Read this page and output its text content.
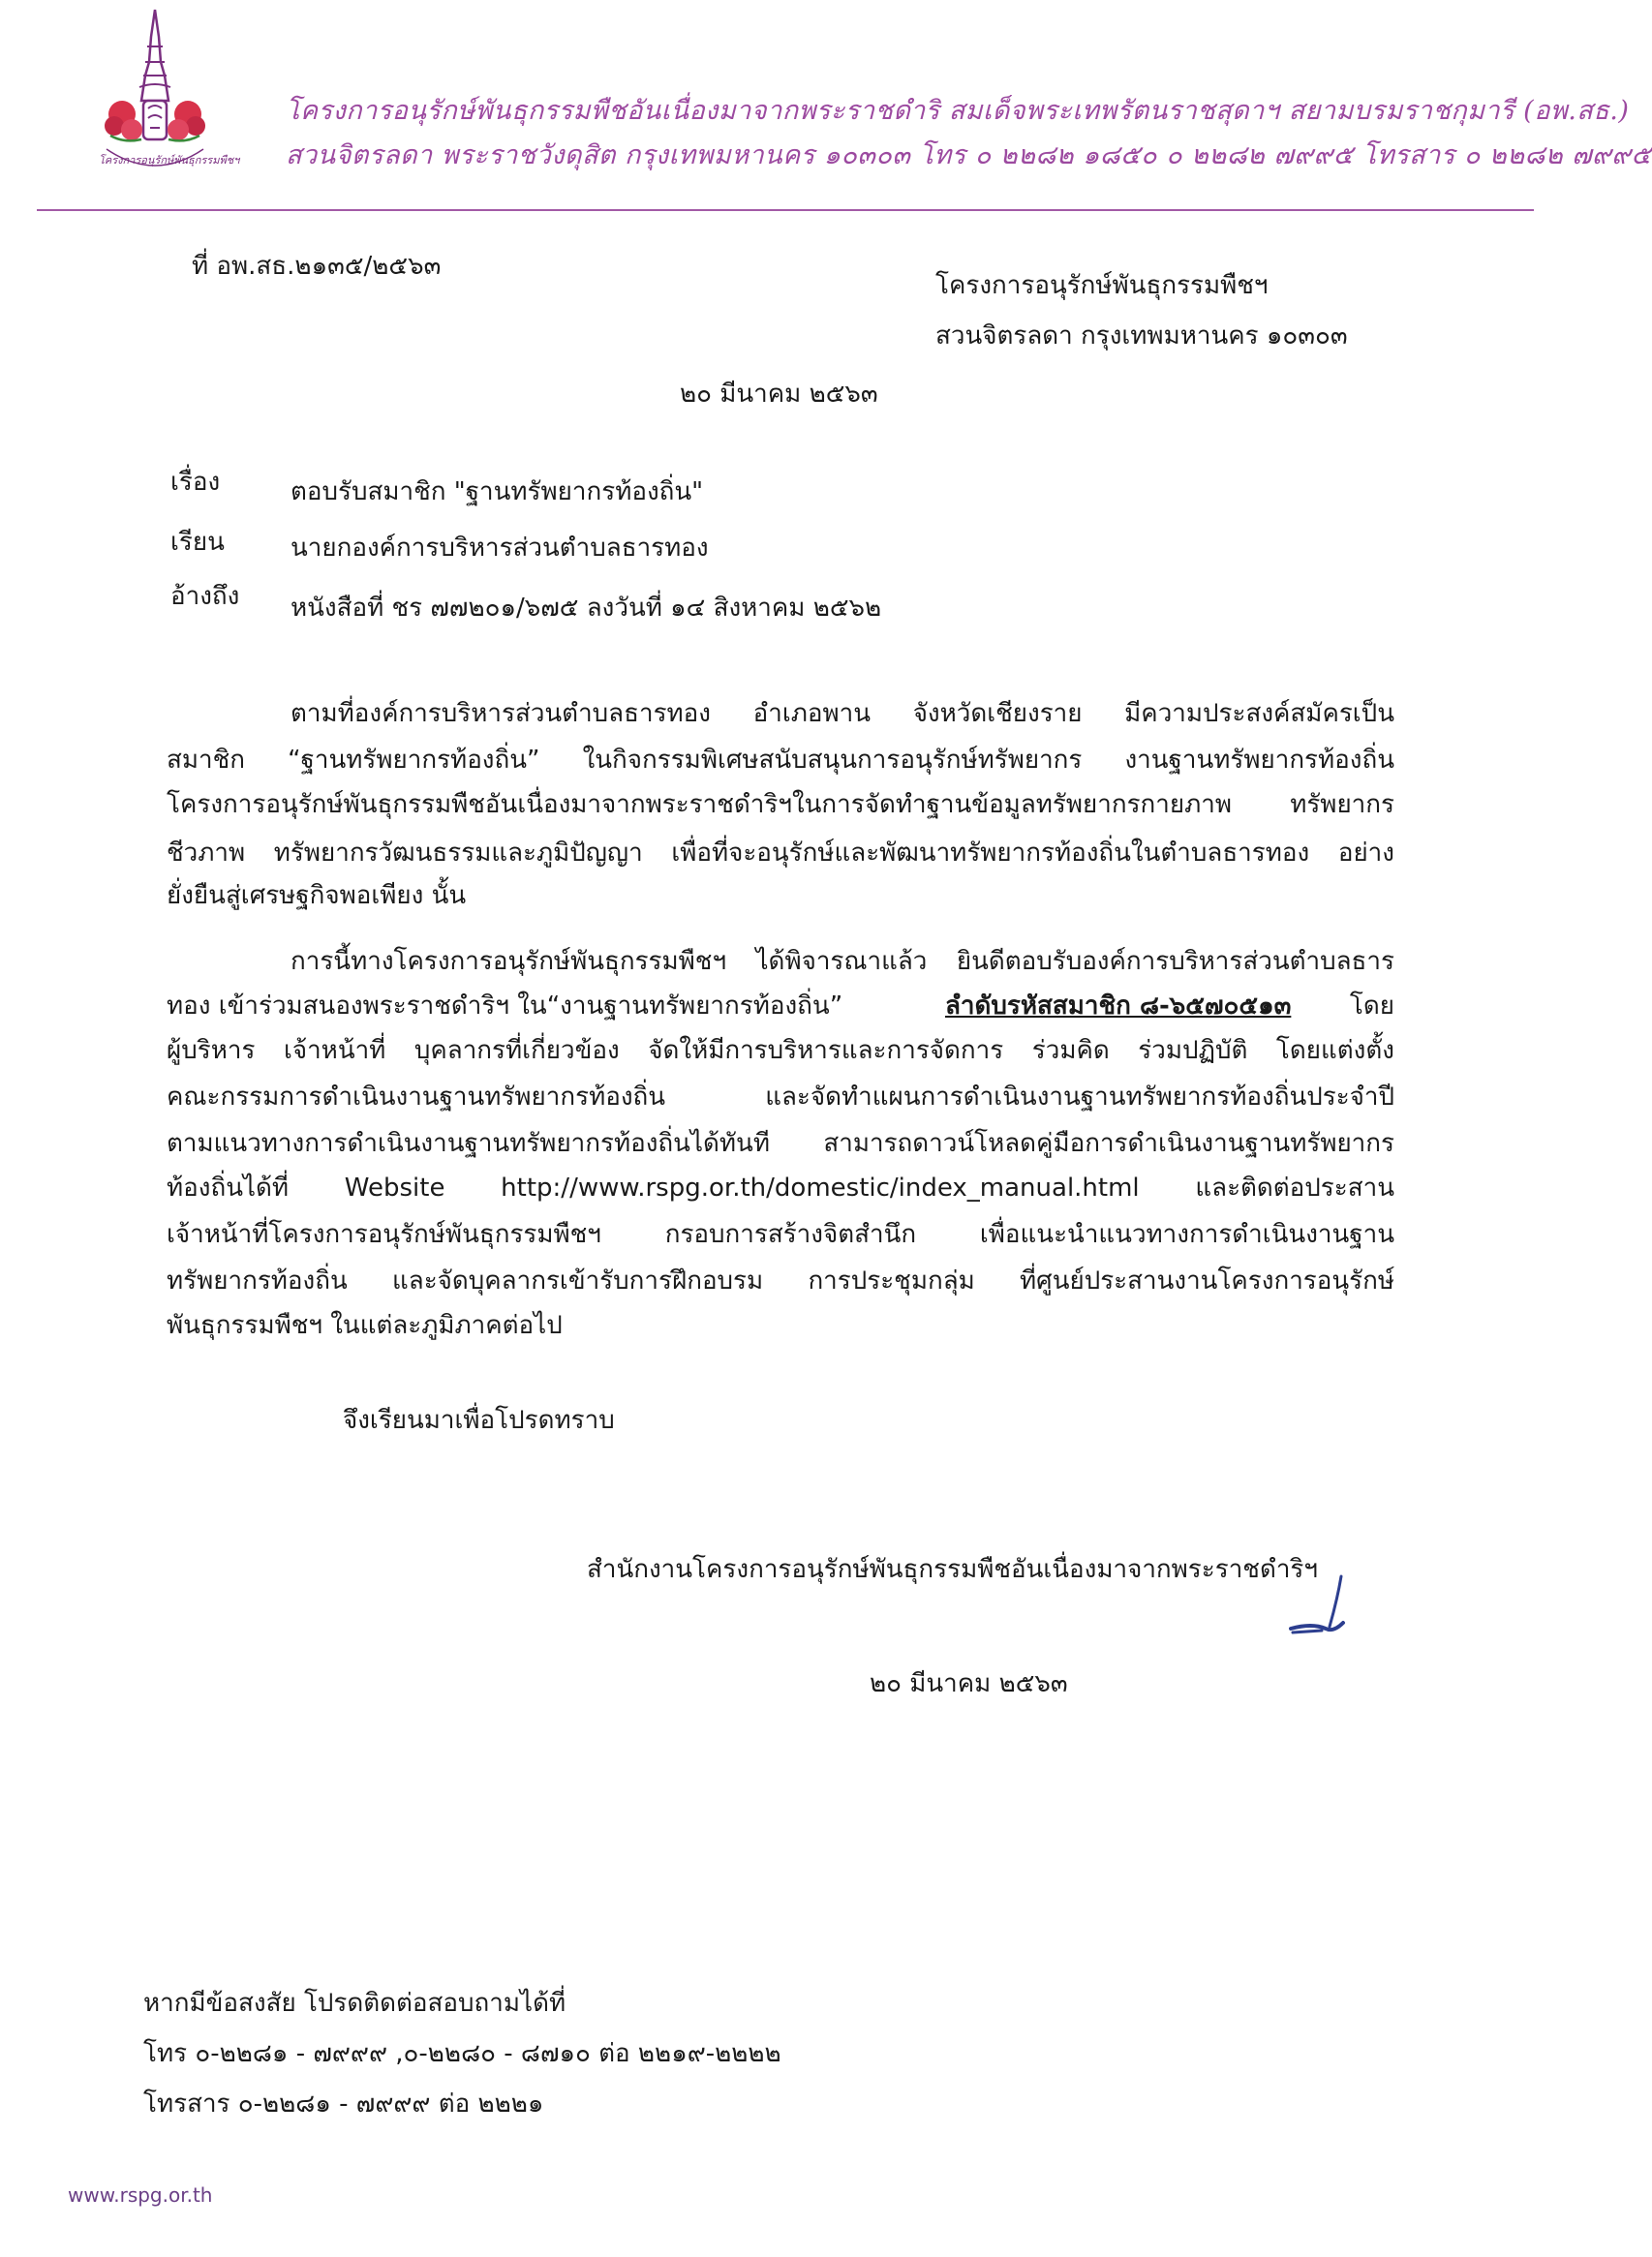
โครงการอนุรักษ์พันธุกรรมพืชฯ
โครงการอนุรักษ์พันธุกรรมพืชอันเนื่องมาจากพระราชดำริ สมเด็จพระเทพรัตนราชสุดาฯ สยามบรมราชกุมารี (อพ.สธ.)
สวนจิตรลดา พระราชวังดุสิต กรุงเทพมหานคร ๑๐๓๐๓ โทร ๐ ๒๒๘๒ ๑๘๕๐ ๐ ๒๒๘๒ ๗๙๙๕ โทรสาร ๐ ๒๒๘๒ ๗๙๙๕
ที่ อพ.สธ.๒๑๓๕/๒๕๖๓
โครงการอนุรักษ์พันธุกรรมพืชฯ
สวนจิตรลดา กรุงเทพมหานคร ๑๐๓๐๓
๒๐ มีนาคม ๒๕๖๓
เรื่อง	ตอบรับสมาชิก "ฐานทรัพยากรท้องถิ่น"
เรียน	นายกองค์การบริหารส่วนตำบลธารทอง
อ้างถึง หนังสือที่ ชร ๗๗๒๐๑/๖๗๕ ลงวันที่ ๑๔ สิงหาคม ๒๕๖๒
ตามที่องค์การบริหารส่วนตำบลธารทอง อำเภอพาน จังหวัดเชียงราย มีความประสงค์สมัครเป็น
สมาชิก “ฐานทรัพยากรท้องถิ่น” ในกิจกรรมพิเศษสนับสนุนการอนุรักษ์ทรัพยากร งานฐานทรัพยากรท้องถิ่น
โครงการอนุรักษ์พันธุกรรมพืชอันเนื่องมาจากพระราชดำริฯในการจัดทำฐานข้อมูลทรัพยากรกายภาพ ทรัพยากร
ชีวภาพ ทรัพยากรวัฒนธรรมและภูมิปัญญา เพื่อที่จะอนุรักษ์และพัฒนาทรัพยากรท้องถิ่นในตำบลธารทอง อย่าง
ยั่งยืนสู่เศรษฐกิจพอเพียง นั้น
การนี้ทางโครงการอนุรักษ์พันธุกรรมพืชฯ ได้พิจารณาแล้ว ยินดีตอบรับองค์การบริหารส่วนตำบลธาร
ทอง เข้าร่วมสนองพระราชดำริฯ ใน“งานฐานทรัพยากรท้องถิ่น”	ลำดับรหัสสมาชิก ๘-๖๕๗๐๕๑๓ โดย
ผู้บริหาร เจ้าหน้าที่ บุคลากรที่เกี่ยวข้อง จัดให้มีการบริหารและการจัดการ ร่วมคิด ร่วมปฏิบัติ โดยแต่งตั้ง
คณะกรรมการดำเนินงานฐานทรัพยากรท้องถิ่น	และจัดทำแผนการดำเนินงานฐานทรัพยากรท้องถิ่นประจำปี
ตามแนวทางการดำเนินงานฐานทรัพยากรท้องถิ่นได้ทันที สามารถดาวน์โหลดคู่มือการดำเนินงานฐานทรัพยากร
ท้องถิ่นได้ที่ Website http://www.rspg.or.th/domestic/index_manual.html และติดต่อประสาน
เจ้าหน้าที่โครงการอนุรักษ์พันธุกรรมพืชฯ	กรอบการสร้างจิตสำนึก	เพื่อแนะนำแนวทางการดำเนินงานฐาน
ทรัพยากรท้องถิ่น และจัดบุคลากรเข้ารับการฝึกอบรม การประชุมกลุ่ม ที่ศูนย์ประสานงานโครงการอนุรักษ์
พันธุกรรมพืชฯ ในแต่ละภูมิภาคต่อไป
จึงเรียนมาเพื่อโปรดทราบ
สำนักงานโครงการอนุรักษ์พันธุกรรมพืชอันเนื่องมาจากพระราชดำริฯ
๒๐ มีนาคม ๒๕๖๓
หากมีข้อสงสัย โปรดติดต่อสอบถามได้ที่
โทร ๐-๒๒๘๑ - ๗๙๙๙ ,๐-๒๒๘๐ - ๘๗๑๐ ต่อ ๒๒๑๙-๒๒๒๒
โทรสาร ๐-๒๒๘๑ - ๗๙๙๙ ต่อ ๒๒๒๑
www.rspg.or.th
